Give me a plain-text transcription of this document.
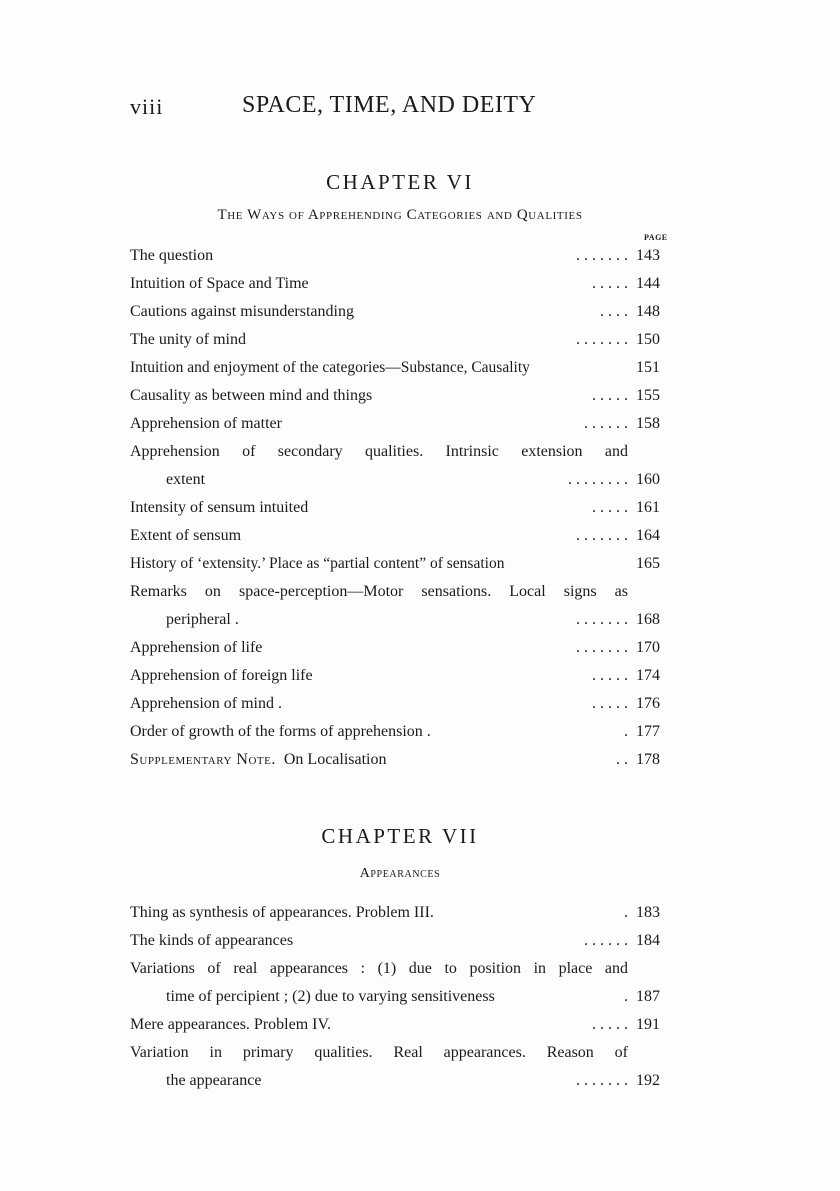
viii	SPACE, TIME, AND DEITY
CHAPTER VI
The Ways of Apprehending Categories and Qualities
PAGE
The question	. . . . . . . 143
Intuition of Space and Time	. . . . . 144
Cautions against misunderstanding	. . . . 148
The unity of mind	. . . . . . . 150
Intuition and enjoyment of the categories—Substance, Causality	151
Causality as between mind and things	. . . . . 155
Apprehension of matter	. . . . . . 158
Apprehension of secondary qualities. Intrinsic extension and
extent	. . . . . . . . 160
Intensity of sensum intuited	. . . . . 161
Extent of sensum	. . . . . . . 164
History of ‘extensity.’ Place as “partial content” of sensation	165
Remarks on space-perception—Motor sensations. Local signs as
peripheral .	. . . . . . . 168
Apprehension of life	. . . . . . . 170
Apprehension of foreign life	. . . . . 174
Apprehension of mind .	. . . . . 176
Order of growth of the forms of apprehension .	. 177
Supplementary Note. On Localisation	. . 178
CHAPTER VII
Appearances
Thing as synthesis of appearances. Problem III.	. 183
The kinds of appearances	. . . . . . 184
Variations of real appearances : (1) due to position in place and
time of percipient ; (2) due to varying sensitiveness	. 187
Mere appearances. Problem IV.	. . . . . 191
Variation in primary qualities. Real appearances. Reason of
the appearance	. . . . . . . 192
